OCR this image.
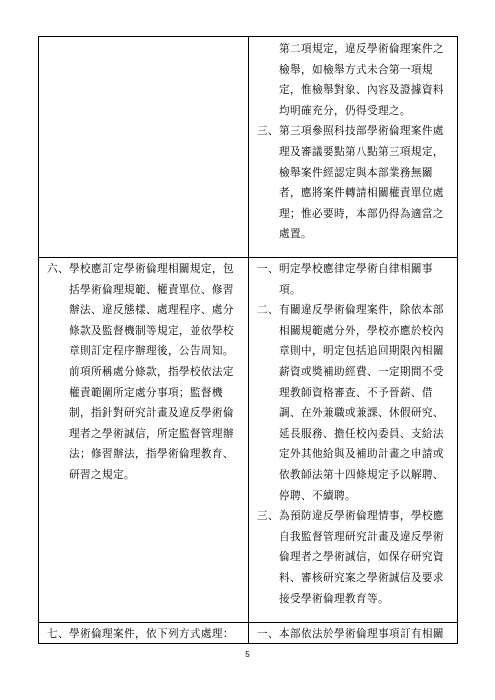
第二項規定，違反學術倫理案件之
檢舉，如檢舉方式未合第一項規
定，惟檢舉對象、內容及證據資料
均明確充分，仍得受理之。
三、第三項參照科技部學術倫理案件處
理及審議要點第八點第三項規定，
檢舉案件經認定與本部業務無關
者，應將案件轉請相關權責單位處
理；惟必要時，本部仍得為適當之
處置。
六、學校應訂定學術倫理相關規定，包
括學術倫理規範、權責單位、修習
辦法、違反態樣、處理程序、處分
條款及監督機制等規定，並依學校
章則訂定程序辦理後，公告周知。
前項所稱處分條款，指學校依法定
權責範圍所定處分事項；監督機
制，指針對研究計畫及違反學術倫
理者之學術誠信，所定監督管理辦
法；修習辦法，指學術倫理教育、
研習之規定。
一、明定學校應律定學術自律相關事
項。
二、有關違反學術倫理案件，除依本部
相關規範處分外，學校亦應於校內
章則中，明定包括追回期限內相關
薪資或獎補助經費、一定期間不受
理教師資格審查、不予晉薪、借
調、在外兼職或兼課、休假研究、
延長服務、擔任校內委員、支給法
定外其他給與及補助計畫之申請或
依教師法第十四條規定予以解聘、
停聘、不續聘。
三、為預防違反學術倫理情事，學校應
自我監督管理研究計畫及違反學術
倫理者之學術誠信，如保存研究資
料、審核研究案之學術誠信及要求
接受學術倫理教育等。
七、學術倫理案件，依下列方式處理：	一、本部依法於學術倫理事項訂有相關
5
